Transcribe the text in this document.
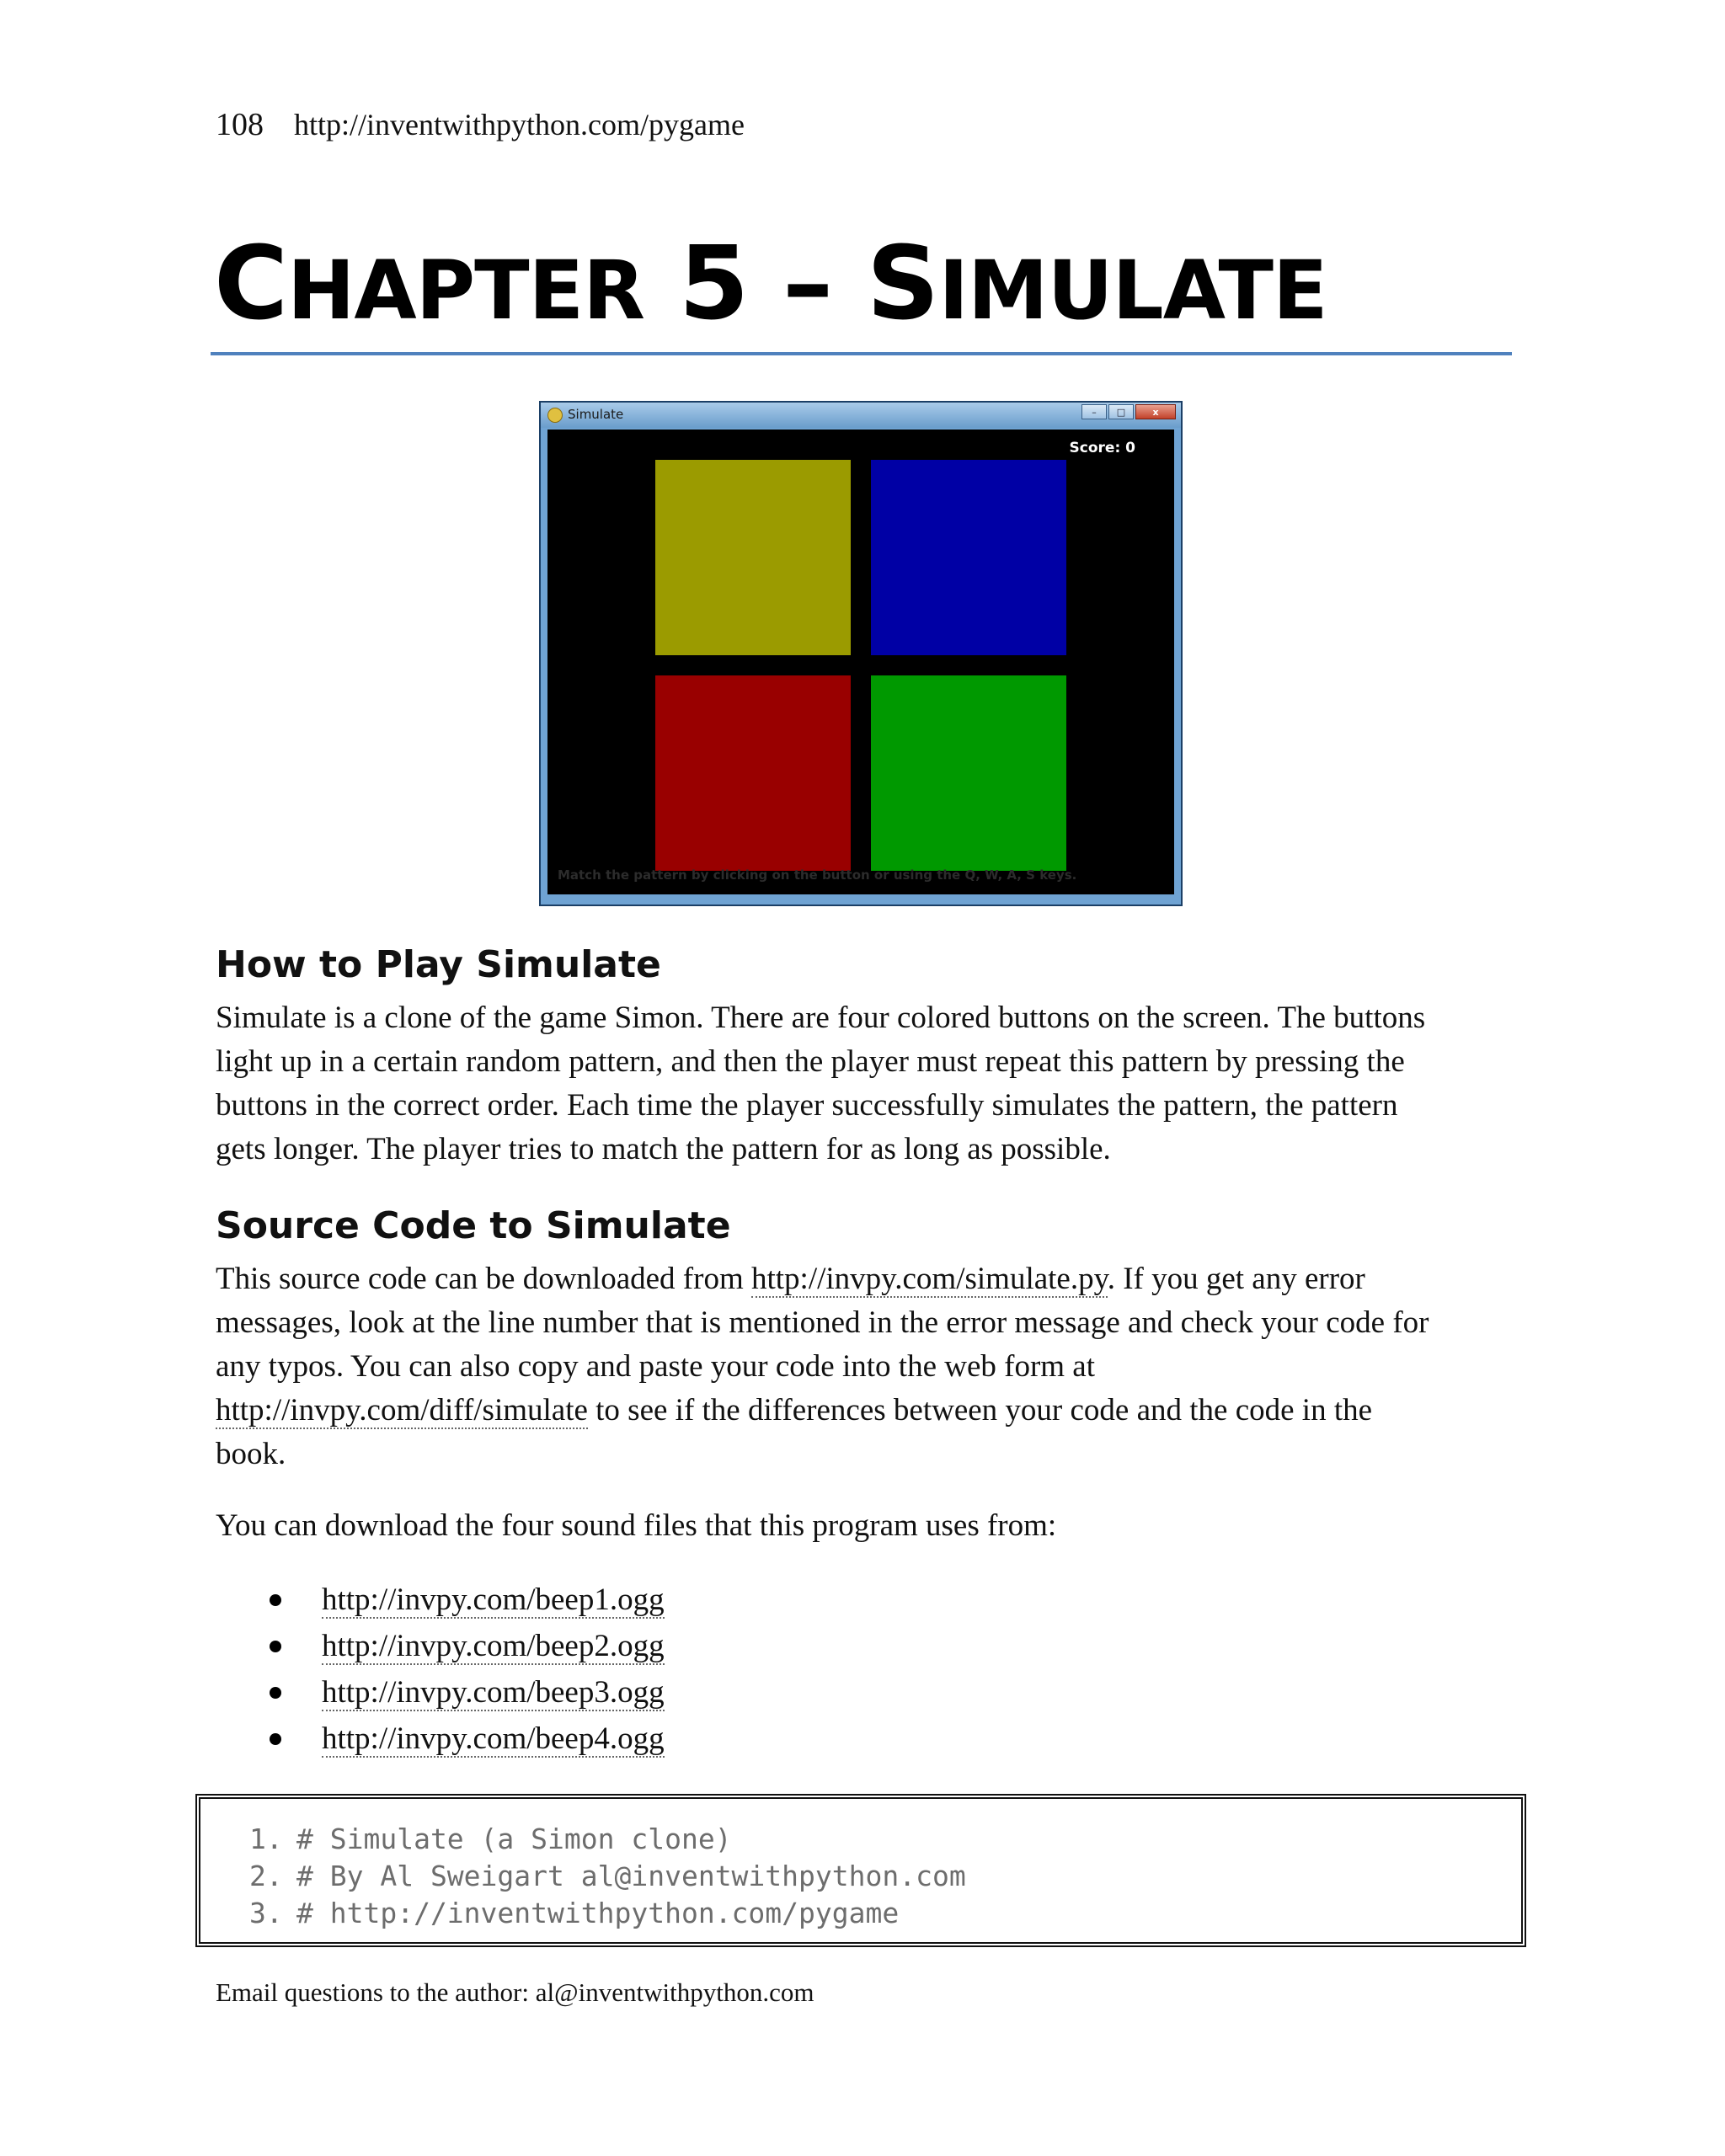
108 http://inventwithpython.com/pygame
CHAPTER 5 – SIMULATE
Simulate	–	□	x
Score: 0
Match the pattern by clicking on the button or using the Q, W, A, S keys.
How to Play Simulate
Simulate is a clone of the game Simon. There are four colored buttons on the screen. The buttons
light up in a certain random pattern, and then the player must repeat this pattern by pressing the
buttons in the correct order. Each time the player successfully simulates the pattern, the pattern
gets longer. The player tries to match the pattern for as long as possible.
Source Code to Simulate
This source code can be downloaded from http://invpy.com/simulate.py. If you get any error
messages, look at the line number that is mentioned in the error message and check your code for
any typos. You can also copy and paste your code into the web form at
http://invpy.com/diff/simulate to see if the differences between your code and the code in the
book.
You can download the four sound files that this program uses from:
http://invpy.com/beep1.ogg
http://invpy.com/beep2.ogg
http://invpy.com/beep3.ogg
http://invpy.com/beep4.ogg
1. # Simulate (a Simon clone)
2. # By Al Sweigart al@inventwithpython.com
3. # http://inventwithpython.com/pygame
Email questions to the author: al@inventwithpython.com
